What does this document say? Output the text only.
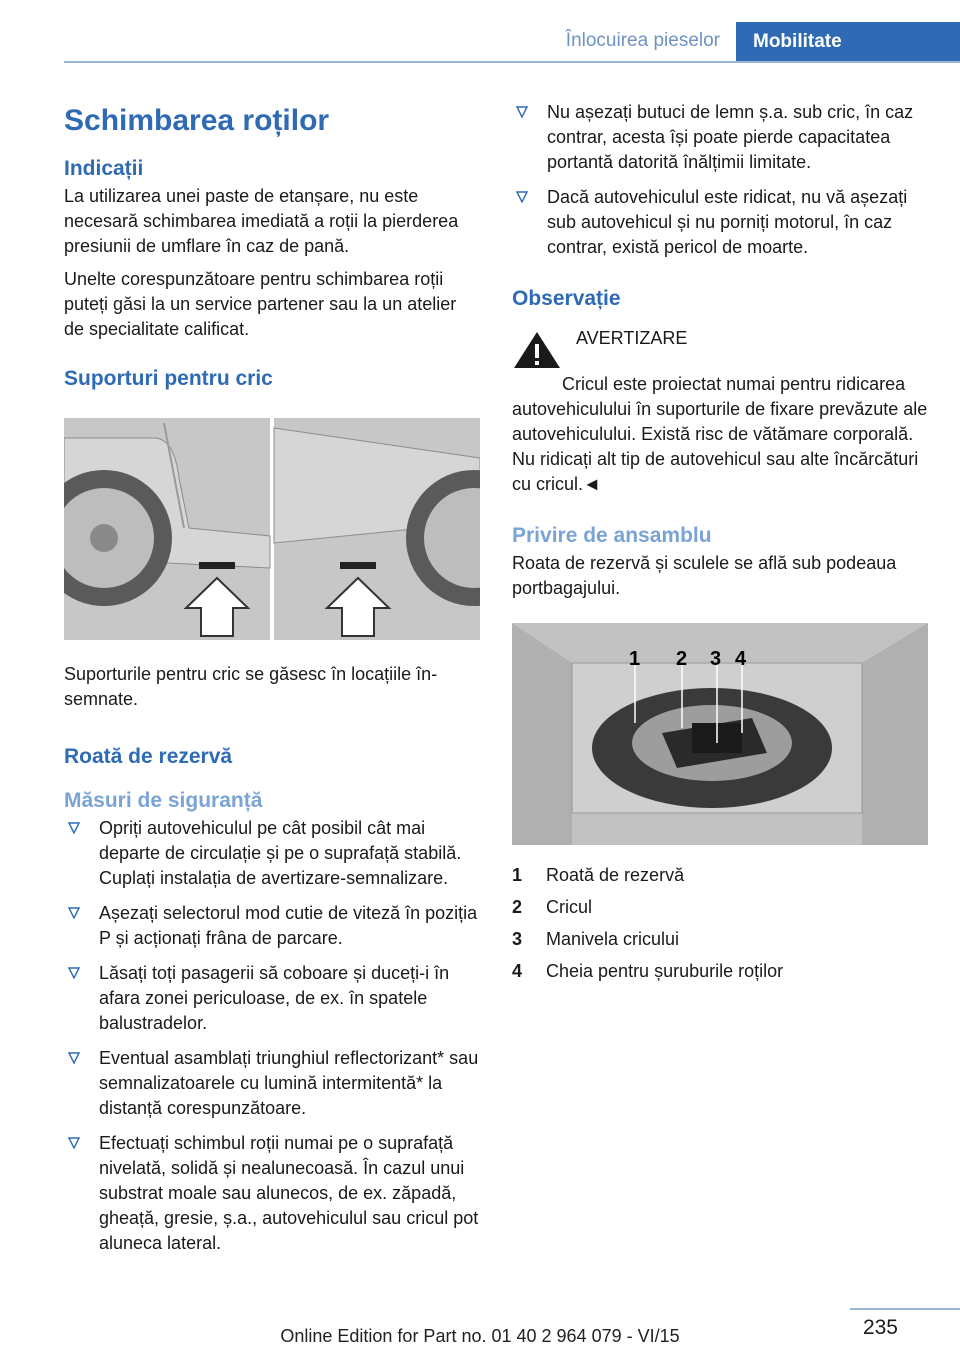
Înlocuirea pieselor	Mobilitate
Schimbarea roților
Indicații

La utilizarea unei paste de etanșare, nu este necesară schimbarea imediată a roții la pierderea presiunii de umflare în caz de pană.

Unelte corespunzătoare pentru schimbarea roții puteți găsi la un service partener sau la un atelier de specialitate calificat.

Suporturi pentru cric

Suporturile pentru cric se găsesc în locațiile însemnate.

Roată de rezervă
Măsuri de siguranță
Opriți autovehiculul pe cât posibil cât mai departe de circulație și pe o suprafață stabilă. Cuplați instalația de avertizare-semnalizare.
Așezați selectorul mod cutie de viteză în poziția P și acționați frâna de parcare.
Lăsați toți pasagerii să coboare și duceți-i în afara zonei periculoase, de ex. în spatele balustradelor.
Eventual asamblați triunghiul reflectorizant* sau semnalizatoarele cu lumină intermitentă* la distanță corespunzătoare.
Efectuați schimbul roții numai pe o suprafață nivelată, solidă și nealunecoasă. În cazul unui substrat moale sau alunecos, de ex. zăpadă, gheață, gresie, ș.a., autovehiculul sau cricul pot aluneca lateral.
Nu așezați butuci de lemn ș.a. sub cric, în caz contrar, acesta își poate pierde capacitatea portantă datorită înălțimii limitate.
Dacă autovehiculul este ridicat, nu vă așezați sub autovehicul și nu porniți motorul, în caz contrar, există pericol de moarte.
Observație

AVERTIZARE

Cricul este proiectat numai pentru ridicarea autovehiculului în suporturile de fixare prevăzute ale autovehiculului. Există risc de vătămare corporală. Nu ridicați alt tip de autovehicul sau alte încărcături cu cricul.◄

Privire de ansamblu

Roata de rezervă și sculele se află sub podeaua portbagajului.

1 2 3 4
1	Roată de rezervă
2	Cricul
3	Manivela cricului
4	Cheia pentru șuruburile roților
235
Online Edition for Part no. 01 40 2 964 079 - VI/15
